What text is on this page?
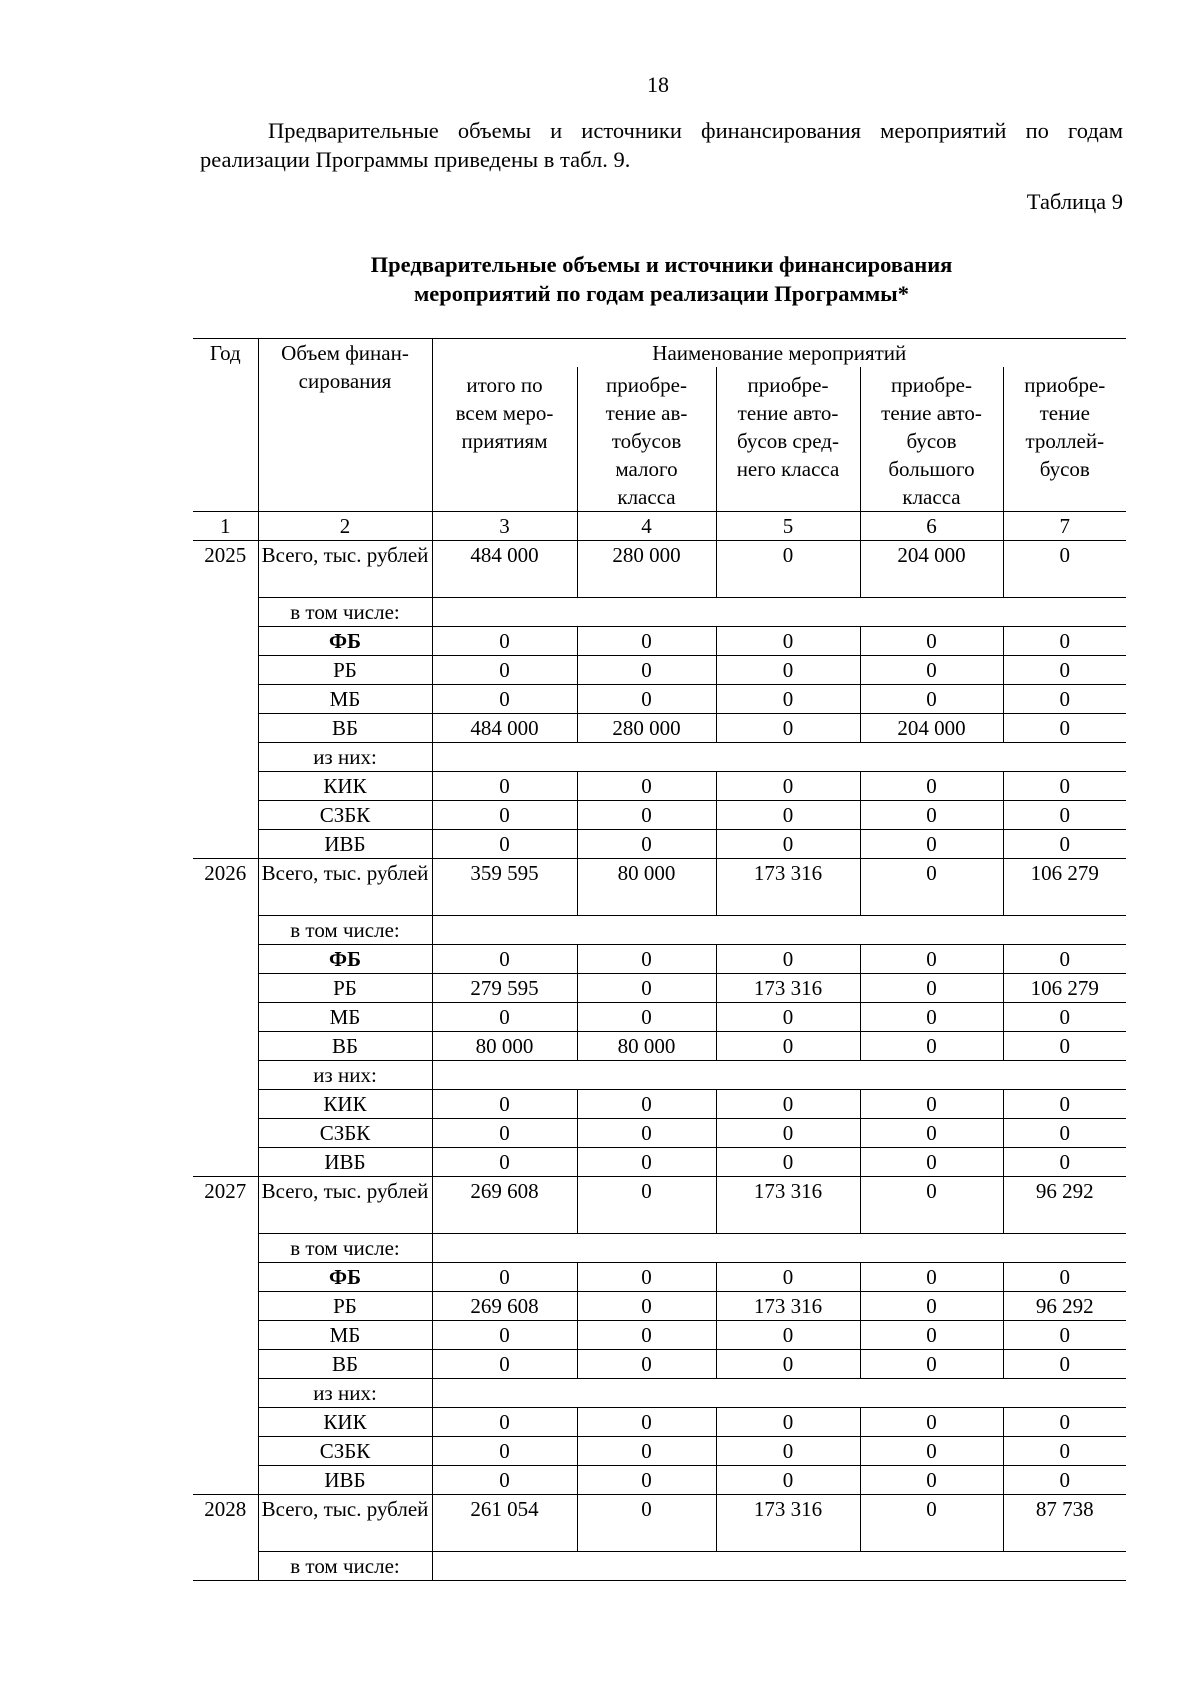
18

Предварительные объемы и источники финансирования мероприятий по годам реализации Программы приведены в табл. 9.

Таблица 9

Предварительные объемы и источники финансирования
мероприятий по годам реализации Программы*

Год	Объем финан- сирования	Наименование мероприятий				
		итого по всем меро- приятиям	приобре- тение ав- тобусов малого класса	приобре- тение авто- бусов сред- него класса	приобре- тение авто- бусов большого класса	приобре- тение троллей- бусов
1	2	3	4	5	6	7
2025	Всего, тыс. рублей	484 000	280 000	0	204 000	0
	в том числе:					
	ФБ	0	0	0	0	0
	РБ	0	0	0	0	0
	МБ	0	0	0	0	0
	ВБ	484 000	280 000	0	204 000	0
	из них:					
	КИК	0	0	0	0	0
	СЗБК	0	0	0	0	0
	ИВБ	0	0	0	0	0
2026	Всего, тыс. рублей	359 595	80 000	173 316	0	106 279
	в том числе:					
	ФБ	0	0	0	0	0
	РБ	279 595	0	173 316	0	106 279
	МБ	0	0	0	0	0
	ВБ	80 000	80 000	0	0	0
	из них:					
	КИК	0	0	0	0	0
	СЗБК	0	0	0	0	0
	ИВБ	0	0	0	0	0
2027	Всего, тыс. рублей	269 608	0	173 316	0	96 292
	в том числе:					
	ФБ	0	0	0	0	0
	РБ	269 608	0	173 316	0	96 292
	МБ	0	0	0	0	0
	ВБ	0	0	0	0	0
	из них:					
	КИК	0	0	0	0	0
	СЗБК	0	0	0	0	0
	ИВБ	0	0	0	0	0
2028	Всего, тыс. рублей	261 054	0	173 316	0	87 738
	в том числе:					
